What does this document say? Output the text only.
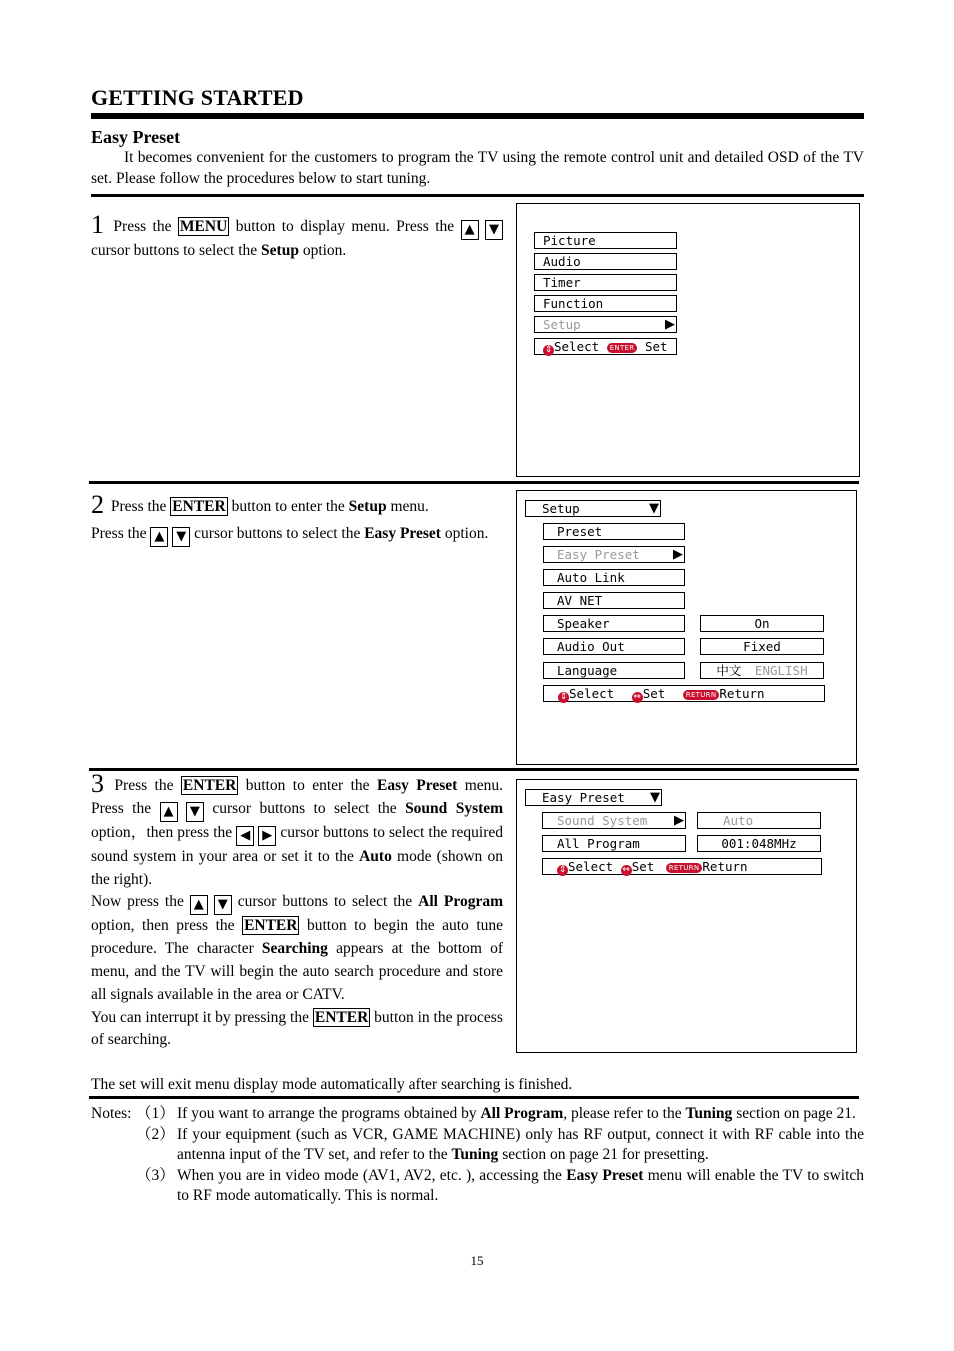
GETTING STARTED
Easy Preset

It becomes convenient for the customers to program the TV using the remote control unit and detailed OSD of the TV set. Please follow the procedures below to start tuning.

1 Press the MENU button to display menu. Press the ▲ ▼ cursor buttons to select the Setup option.

Picture
Audio
Timer
Function
Setup	▶
⇕ Select ENTER Set

2 Press the ENTER button to enter the Setup menu.

Press the ▲ ▼ cursor buttons to select the Easy Preset option.

Setup	▼
Preset
Easy Preset	▶
Auto Link
AV NET
Speaker	On
Audio Out	Fixed
Language	中文 ENGLISH
⇕ Select ⇔ Set	RETURN Return

3 Press the ENTER button to enter the Easy Preset menu. Press the ▲ ▼ cursor buttons to select the Sound System option，then press the ◀ ▶ cursor buttons to select the required sound system in your area or set it to the Auto mode (shown on the right).

Now press the ▲ ▼ cursor buttons to select the All Program option, then press the ENTER button to begin the auto tune procedure. The character Searching appears at the bottom of menu, and the TV will begin the auto search procedure and store all signals available in the area or CATV.

You can interrupt it by pressing the ENTER button in the process of searching.

The set will exit menu display mode automatically after searching is finished.
Easy Preset ▼
Sound System ▶	Auto
All Program	001:048MHz
⇕ Select ⇔ Set RETURN Return
Notes: （1） If you want to arrange the programs obtained by All Program, please refer to the Tuning section on page 21.
（2） If your equipment (such as VCR, GAME MACHINE) only has RF output, connect it with RF cable into the antenna input of the TV set, and refer to the Tuning section on page 21 for presetting.
（3） When you are in video mode (AV1, AV2, etc. ), accessing the Easy Preset menu will enable the TV to switch to RF mode automatically. This is normal.
15
